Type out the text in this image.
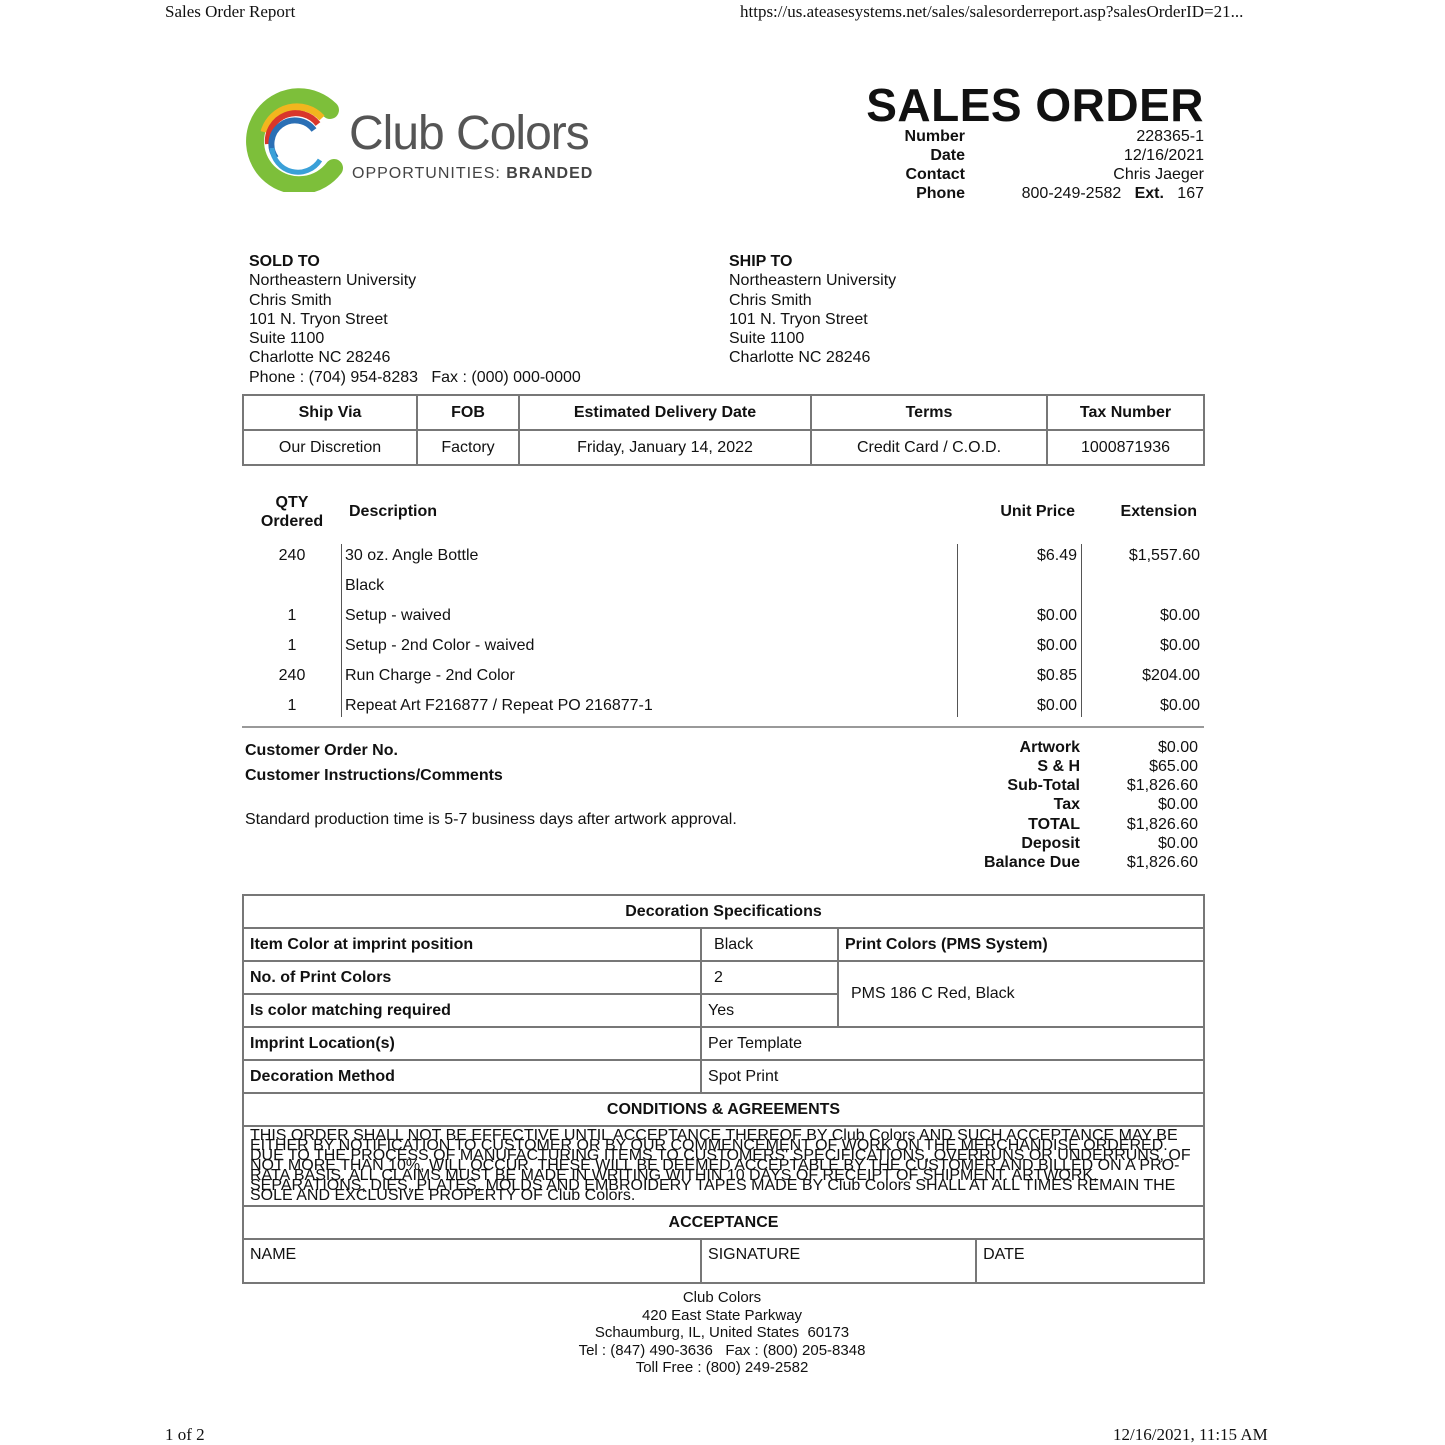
Sales Order Report	https://us.ateasesystems.net/sales/salesorderreport.asp?salesOrderID=21...
Club Colors
OPPORTUNITIES: BRANDED
SALES ORDER
Number	228365-1
Date	12/16/2021
Contact	Chris Jaeger
Phone	800-249-2582 Ext. 167
SOLD TO
Northeastern University
Chris Smith
101 N. Tryon Street
Suite 1100
Charlotte NC 28246
Phone : (704) 954-8283   Fax : (000) 000-0000
SHIP TO
Northeastern University
Chris Smith
101 N. Tryon Street
Suite 1100
Charlotte NC 28246
Ship Via	FOB	Estimated Delivery Date	Terms	Tax Number
Our Discretion	Factory	Friday, January 14, 2022	Credit Card / C.O.D.	1000871936
QTY
Ordered
Description	Unit Price	Extension
240	30 oz. Angle Bottle	$6.49	$1,557.60
Black
1	Setup - waived	$0.00	$0.00
1	Setup - 2nd Color - waived	$0.00	$0.00
240	Run Charge - 2nd Color	$0.85	$204.00
1	Repeat Art F216877 / Repeat PO 216877-1	$0.00	$0.00
Customer Order No.
Customer Instructions/Comments
Standard production time is 5-7 business days after artwork approval.
Artwork	$0.00
S & H	$65.00
Sub-Total	$1,826.60
Tax	$0.00
TOTAL	$1,826.60
Deposit	$0.00
Balance Due	$1,826.60
Decoration Specifications			
Item Color at imprint position	Black	Print Colors (PMS System)	
No. of Print Colors	2	PMS 186 C Red, Black	
Is color matching required	Yes		
Imprint Location(s)	Per Template		
Decoration Method	Spot Print		
CONDITIONS & AGREEMENTS			
THIS ORDER SHALL NOT BE EFFECTIVE UNTIL ACCEPTANCE THEREOF BY Club Colors AND SUCH ACCEPTANCE MAY BE EITHER BY NOTIFICATION TO CUSTOMER OR BY OUR COMMENCEMENT OF WORK ON THE MERCHANDISE ORDERED. DUE TO THE PROCESS OF MANUFACTURING ITEMS TO CUSTOMERS' SPECIFICATIONS, OVERRUNS OR UNDERRUNS, OF NOT MORE THAN 10%, WILL OCCUR. THESE WILL BE DEEMED ACCEPTABLE BY THE CUSTOMER AND BILLED ON A PRO-RATA BASIS. ALL CLAIMS MUST BE MADE IN WRITING WITHIN 10 DAYS OF RECEIPT OF SHIPMENT. ARTWORK, SEPARATIONS, DIES, PLATES, MOLDS AND EMBROIDERY TAPES MADE BY Club Colors SHALL AT ALL TIMES REMAIN THE SOLE AND EXCLUSIVE PROPERTY OF Club Colors.			
ACCEPTANCE			
NAME	SIGNATURE		DATE
Club Colors
420 East State Parkway
Schaumburg, IL, United States  60173
Tel : (847) 490-3636   Fax : (800) 205-8348
Toll Free : (800) 249-2582
1 of 2	12/16/2021, 11:15 AM
